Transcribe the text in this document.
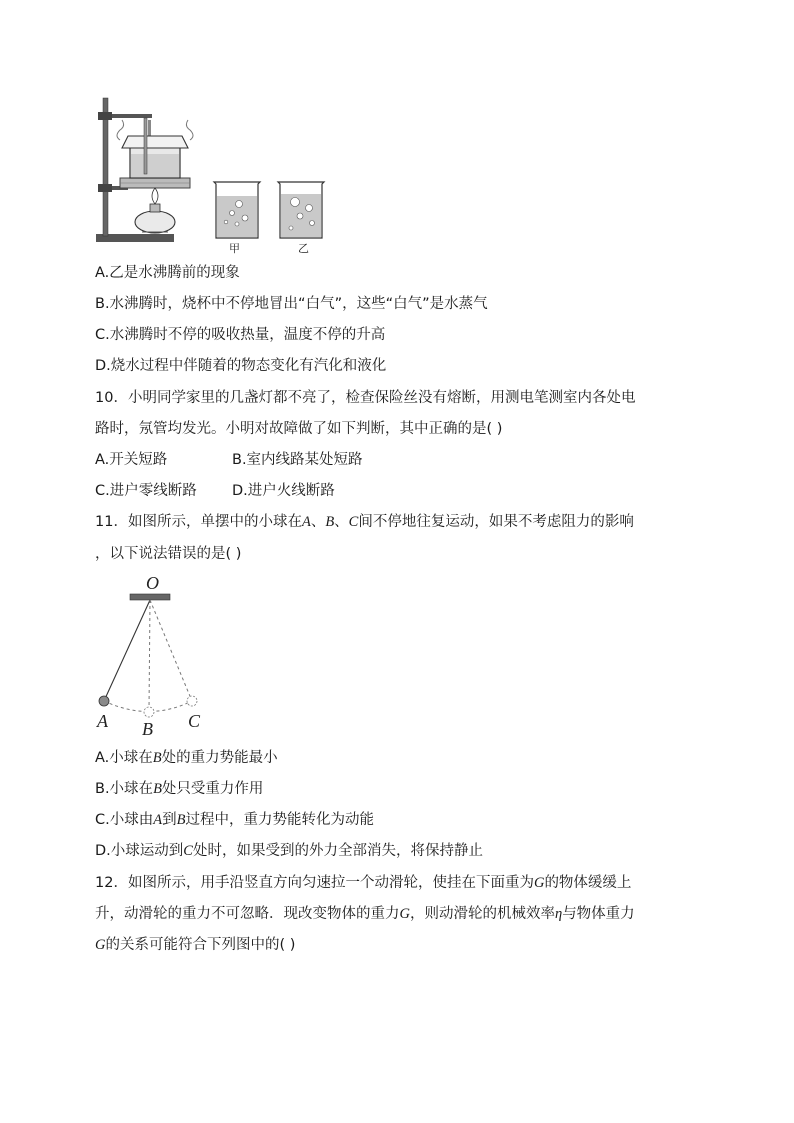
甲	乙
A.乙是水沸腾前的现象
B.水沸腾时，烧杯中不停地冒出“白气”，这些“白气”是水蒸气
C.水沸腾时不停的吸收热量，温度不停的升高
D.烧水过程中伴随着的物态变化有汽化和液化
10．小明同学家里的几盏灯都不亮了，检查保险丝没有熔断，用测电笔测室内各处电
路时，氖管均发光。小明对故障做了如下判断，其中正确的是( )
A.开关短路	B.室内线路某处短路
C.进户零线断路 D.进户火线断路
11．如图所示，单摆中的小球在A、B、C间不停地往复运动，如果不考虑阻力的影响
，以下说法错误的是( )
O
A B C
A.小球在B处的重力势能最小
B.小球在B处只受重力作用
C.小球由A到B过程中，重力势能转化为动能
D.小球运动到C处时，如果受到的外力全部消失，将保持静止
12．如图所示，用手沿竖直方向匀速拉一个动滑轮，使挂在下面重为G的物体缓缓上
升，动滑轮的重力不可忽略．现改变物体的重力G，则动滑轮的机械效率η与物体重力
G的关系可能符合下列图中的( )
